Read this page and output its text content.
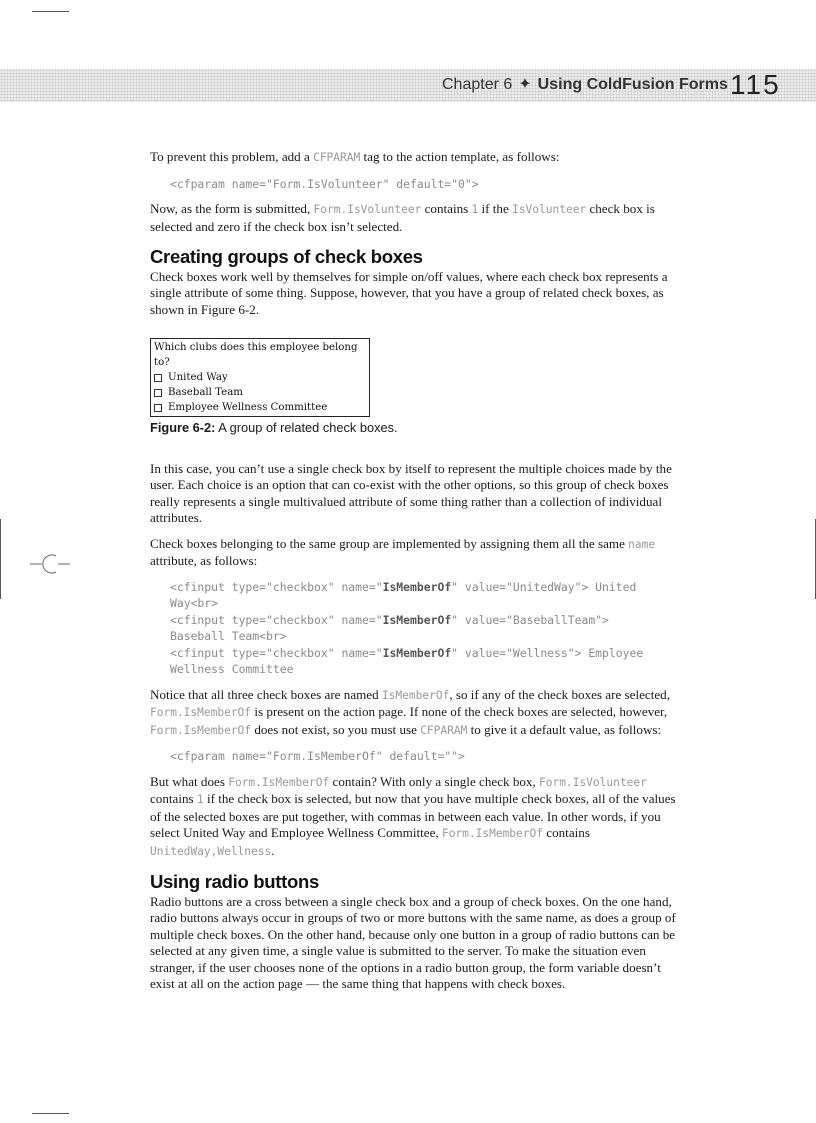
Chapter 6 ✦ Using ColdFusion Forms 115

To prevent this problem, add a CFPARAM tag to the action template, as follows:

<cfparam name="Form.IsVolunteer" default="0">

Now, as the form is submitted, Form.IsVolunteer contains 1 if the IsVolunteer check box is selected and zero if the check box isn’t selected.

Creating groups of check boxes

Check boxes work well by themselves for simple on/off values, where each check box represents a single attribute of some thing. Suppose, however, that you have a group of related check boxes, as shown in Figure 6-2.

Which clubs does this employee belong to?
United Way
Baseball Team
Employee Wellness Committee
Figure 6-2: A group of related check boxes.

In this case, you can’t use a single check box by itself to represent the multiple choices made by the user. Each choice is an option that can co-exist with the other options, so this group of check boxes really represents a single multivalued attribute of some thing rather than a collection of individual attributes.

Check boxes belonging to the same group are implemented by assigning them all the same name attribute, as follows:

<cfinput type="checkbox" name="IsMemberOf" value="UnitedWay"> United
Way<br>
<cfinput type="checkbox" name="IsMemberOf" value="BaseballTeam">
Baseball Team<br>
<cfinput type="checkbox" name="IsMemberOf" value="Wellness"> Employee
Wellness Committee

Notice that all three check boxes are named IsMemberOf, so if any of the check boxes are selected, Form.IsMemberOf is present on the action page. If none of the check boxes are selected, however, Form.IsMemberOf does not exist, so you must use CFPARAM to give it a default value, as follows:

<cfparam name="Form.IsMemberOf" default="">

But what does Form.IsMemberOf contain? With only a single check box, Form.IsVolunteer contains 1 if the check box is selected, but now that you have multiple check boxes, all of the values of the selected boxes are put together, with commas in between each value. In other words, if you select United Way and Employee Wellness Committee, Form.IsMemberOf contains UnitedWay,Wellness.

Using radio buttons

Radio buttons are a cross between a single check box and a group of check boxes. On the one hand, radio buttons always occur in groups of two or more buttons with the same name, as does a group of multiple check boxes. On the other hand, because only one button in a group of radio buttons can be selected at any given time, a single value is submitted to the server. To make the situation even stranger, if the user chooses none of the options in a radio button group, the form variable doesn’t exist at all on the action page — the same thing that happens with check boxes.
